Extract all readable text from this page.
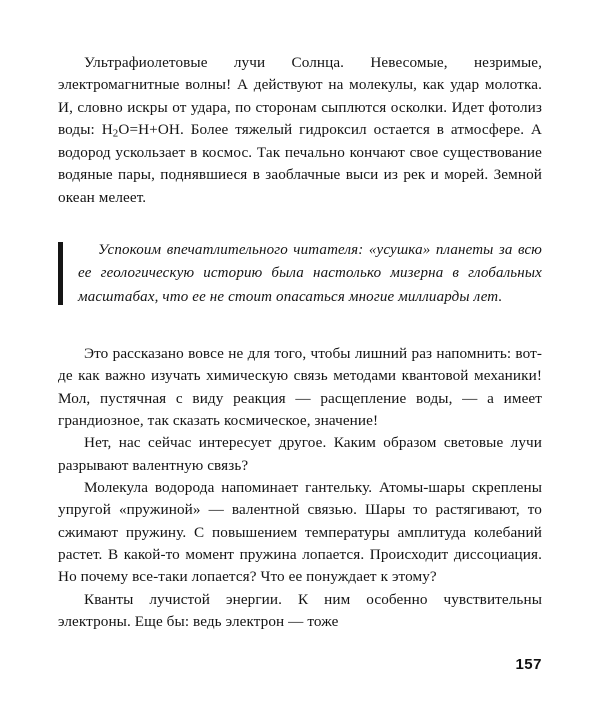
Ультрафиолетовые лучи Солнца. Невесомые, незримые, электромагнитные волны! А действуют на молекулы, как удар молотка. И, словно искры от удара, по сторонам сыплются осколки. Идет фотолиз воды: $H_2O=H+OH$. Более тяжелый гидроксил остается в атмосфере. А водород ускользает в космос. Так печально кончают свое существование водяные пары, поднявшиеся в заоблачные выси из рек и морей. Земной океан мелеет.

Успокоим впечатлительного читателя: «усушка» планеты за всю ее геологическую историю была настолько мизерна в глобальных масштабах, что ее не стоит опасаться многие миллиарды лет.

Это рассказано вовсе не для того, чтобы лишний раз напомнить: вот-де как важно изучать химическую связь методами квантовой механики! Мол, пустячная с виду реакция — расщепление воды, — а имеет грандиозное, так сказать космическое, значение!

Нет, нас сейчас интересует другое. Каким образом световые лучи разрывают валентную связь?

Молекула водорода напоминает гантельку. Атомы-шары скреплены упругой «пружиной» — валентной связью. Шары то растягивают, то сжимают пружину. С повышением температуры амплитуда колебаний растет. В какой-то момент пружина лопается. Происходит диссоциация. Но почему все-таки лопается? Что ее понуждает к этому?

Кванты лучистой энергии. К ним особенно чувствительны электроны. Еще бы: ведь электрон — тоже

157
